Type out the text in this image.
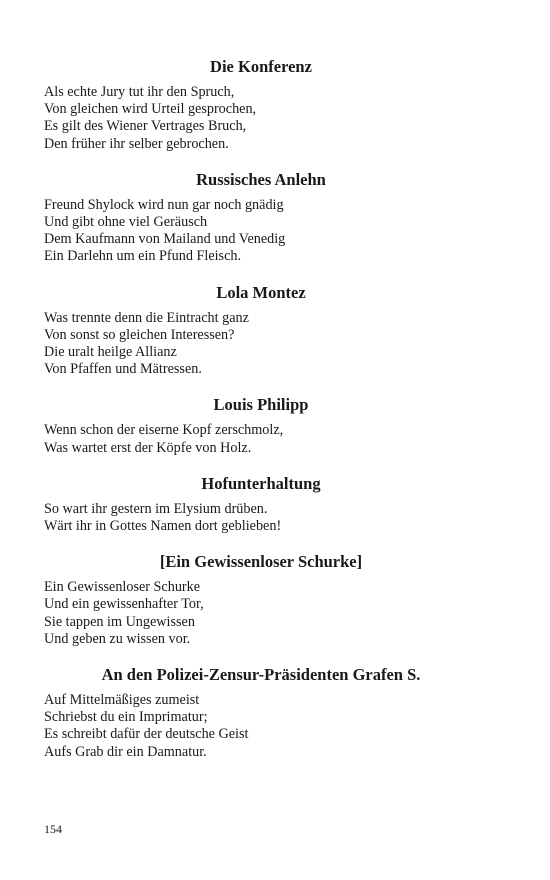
Die Konferenz
Als echte Jury tut ihr den Spruch,
Von gleichen wird Urteil gesprochen,
Es gilt des Wiener Vertrages Bruch,
Den früher ihr selber gebrochen.
Russisches Anlehn
Freund Shylock wird nun gar noch gnädig
Und gibt ohne viel Geräusch
Dem Kaufmann von Mailand und Venedig
Ein Darlehn um ein Pfund Fleisch.
Lola Montez
Was trennte denn die Eintracht ganz
Von sonst so gleichen Interessen?
Die uralt heilge Allianz
Von Pfaffen und Mätressen.
Louis Philipp
Wenn schon der eiserne Kopf zerschmolz,
Was wartet erst der Köpfe von Holz.
Hofunterhaltung
So wart ihr gestern im Elysium drüben.
Wärt ihr in Gottes Namen dort geblieben!
[Ein Gewissenloser Schurke]
Ein Gewissenloser Schurke
Und ein gewissenhafter Tor,
Sie tappen im Ungewissen
Und geben zu wissen vor.
An den Polizei-Zensur-Präsidenten Grafen S.
Auf Mittelmäßiges zumeist
Schriebst du ein Imprimatur;
Es schreibt dafür der deutsche Geist
Aufs Grab dir ein Damnatur.
154
